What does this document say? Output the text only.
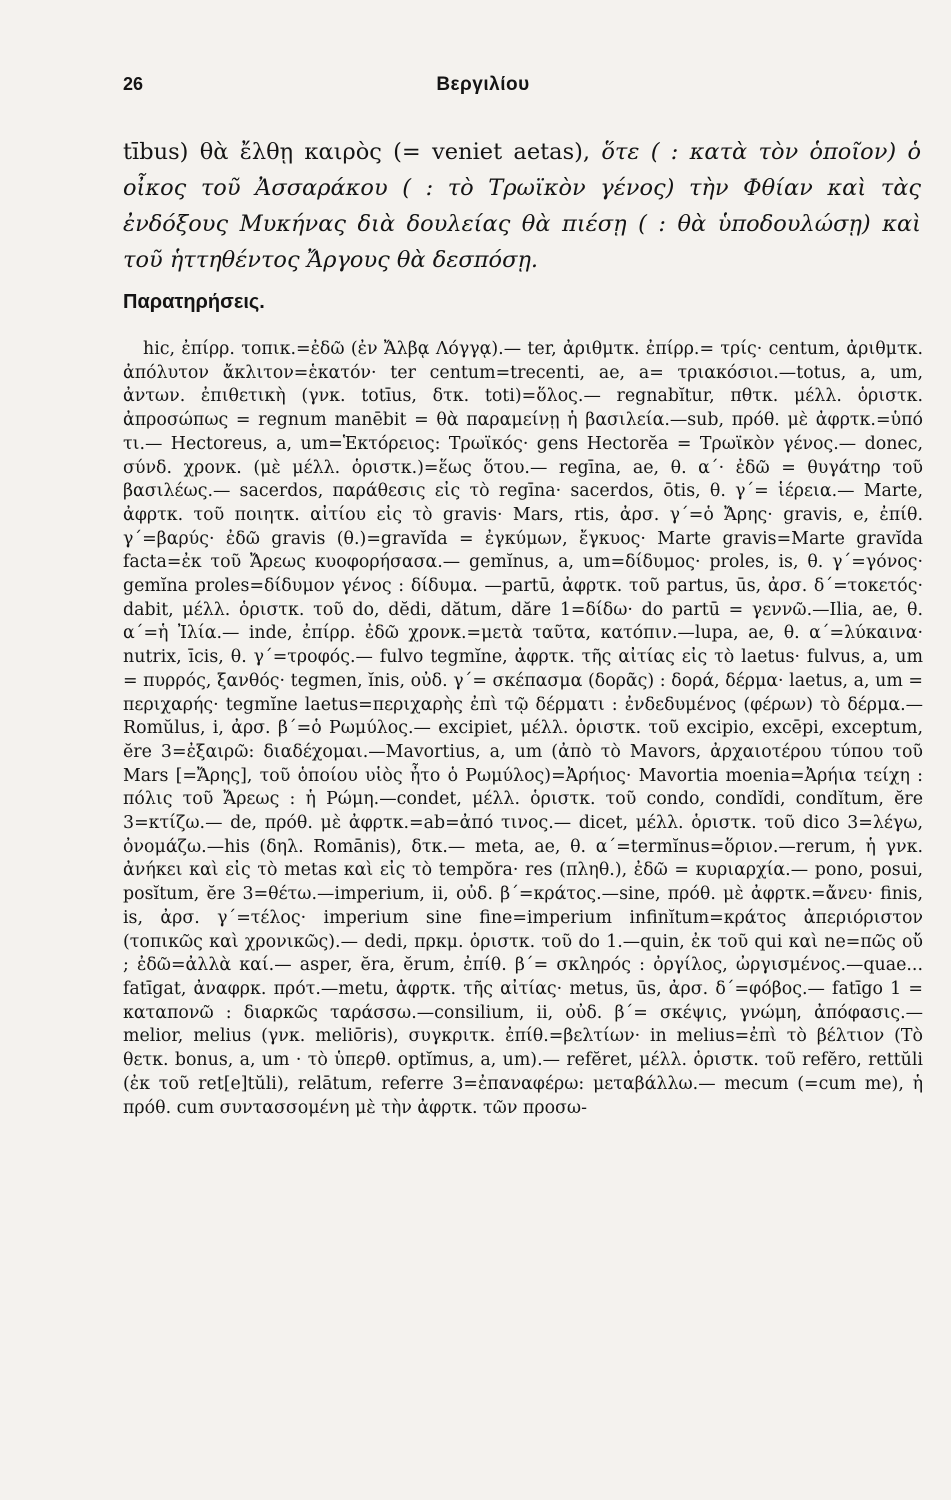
26	Βεργιλίου
tībus) θὰ ἔλθῃ καιρὸς (= veniet aetas), ὅτε ( : κατὰ τὸν ὁποῖον) ὁ οἶκος τοῦ Ἀσσαράκου ( : τὸ Τρωϊκὸν γένος) τὴν Φθίαν καὶ τὰς ἐνδόξους Μυκήνας διὰ δουλείας θὰ πιέσῃ ( : θὰ ὑποδουλώσῃ) καὶ τοῦ ἡττηθέντος Ἄργους θὰ δεσπόσῃ.
Παρατηρήσεις.

hic, ἐπίρρ. τοπικ.=ἐδῶ (ἐν Ἄλβᾳ Λόγγᾳ).— ter, ἀριθμτκ. ἐπίρρ.= τρίς· centum, ἀριθμτκ. ἀπόλυτον ἄκλιτον=ἑκατόν· ter centum=trecenti, ae, a= τριακόσιοι.—totus, a, um, ἀντων. ἐπιθετικὴ (γνκ. totīus, δτκ. toti)=ὅλος.— regnabĭtur, πθτκ. μέλλ. ὁριστκ. ἀπροσώπως = regnum manēbit = θὰ παραμείνῃ ἡ βασιλεία.—sub, πρόθ. μὲ ἀφρτκ.=ὑπό τι.— Hectoreus, a, um=Ἑκτόρειος: Τρωϊκός· gens Hectorĕa = Τρωϊκὸν γένος.— donec, σύνδ. χρονκ. (μὲ μέλλ. ὁριστκ.)=ἕως ὅτου.— regīna, ae, θ. α΄· ἐδῶ = θυγάτηρ τοῦ βασιλέως.— sacerdos, παράθεσις εἰς τὸ regīna· sacerdos, ōtis, θ. γ΄= ἱέρεια.— Marte, ἀφρτκ. τοῦ ποιητκ. αἰτίου εἰς τὸ gravis· Mars, rtis, ἀρσ. γ΄=ὁ Ἄρης· gravis, e, ἐπίθ. γ΄=βαρύς· ἐδῶ gravis (θ.)=gravĭda = ἐγκύμων, ἔγκυος· Marte gravis=Marte gravĭda facta=ἐκ τοῦ Ἄρεως κυοφορήσασα.— gemĭnus, a, um=δίδυμος· proles, is, θ. γ΄=γόνος· gemĭna proles=δίδυμον γένος : δίδυμα. —partū, ἀφρτκ. τοῦ partus, ūs, ἀρσ. δ΄=τοκετός· dabit, μέλλ. ὁριστκ. τοῦ do, dĕdi, dătum, dăre 1=δίδω· do partū = γεννῶ.—Ilia, ae, θ. α΄=ἡ Ἰλία.— inde, ἐπίρρ. ἐδῶ χρονκ.=μετὰ ταῦτα, κατόπιν.—lupa, ae, θ. α΄=λύκαινα· nutrix, īcis, θ. γ΄=τροφός.— fulvo tegmĭne, ἀφρτκ. τῆς αἰτίας εἰς τὸ laetus· fulvus, a, um = πυρρός, ξανθός· tegmen, ĭnis, οὐδ. γ΄= σκέπασμα (δορᾶς) : δορά, δέρμα· laetus, a, um = περιχαρής· tegmĭne laetus=περιχαρὴς ἐπὶ τῷ δέρματι : ἐνδεδυμένος (φέρων) τὸ δέρμα.—Romŭlus, i, ἀρσ. β΄=ὁ Ρωμύλος.— excipiet, μέλλ. ὁριστκ. τοῦ excipio, excēpi, exceptum, ĕre 3=ἐξαιρῶ: διαδέχομαι.—Mavortius, a, um (ἀπὸ τὸ Mavors, ἀρχαιοτέρου τύπου τοῦ Mars [=Ἄρης], τοῦ ὁποίου υἱὸς ἦτο ὁ Ρωμύλος)=Ἀρήιος· Mavortia moenia=Ἀρήια τείχη : πόλις τοῦ Ἄρεως : ἡ Ρώμη.—condet, μέλλ. ὁριστκ. τοῦ condo, condĭdi, condĭtum, ĕre 3=κτίζω.— de, πρόθ. μὲ ἀφρτκ.=ab=ἀπό τινος.— dicet, μέλλ. ὁριστκ. τοῦ dico 3=λέγω, ὀνομάζω.—his (δηλ. Romānis), δτκ.— meta, ae, θ. α΄=termĭnus=ὅριον.—rerum, ἡ γνκ. ἀνήκει καὶ εἰς τὸ metas καὶ εἰς τὸ tempŏra· res (πληθ.), ἐδῶ = κυριαρχία.— pono, posui, posĭtum, ĕre 3=θέτω.—imperium, ii, οὐδ. β΄=κράτος.—sine, πρόθ. μὲ ἀφρτκ.=ἄνευ· finis, is, ἀρσ. γ΄=τέλος· imperium sine fine=imperium infinĭtum=κράτος ἀπεριόριστον (τοπικῶς καὶ χρονικῶς).— dedi, πρκμ. ὁριστκ. τοῦ do 1.—quin, ἐκ τοῦ qui καὶ ne=πῶς οὔ ; ἐδῶ=ἀλλὰ καί.— asper, ĕra, ĕrum, ἐπίθ. β΄= σκληρός : ὀργίλος, ὠργισμένος.—quae... fatīgat, ἀναφρκ. πρότ.—metu, ἀφρτκ. τῆς αἰτίας· metus, ūs, ἀρσ. δ΄=φόβος.— fatīgo 1 = καταπονῶ : διαρκῶς ταράσσω.—consilium, ii, οὐδ. β΄= σκέψις, γνώμη, ἀπόφασις.— melior, melius (γνκ. meliōris), συγκριτκ. ἐπίθ.=βελτίων· in melius=ἐπὶ τὸ βέλτιον (Τὸ θετκ. bonus, a, um · τὸ ὑπερθ. optĭmus, a, um).— refĕret, μέλλ. ὁριστκ. τοῦ refĕro, rettŭli (ἐκ τοῦ ret[e]tŭli), relātum, referre 3=ἐπαναφέρω: μεταβάλλω.— mecum (=cum me), ἡ πρόθ. cum συντασσομένη μὲ τὴν ἀφρτκ. τῶν προσω-
